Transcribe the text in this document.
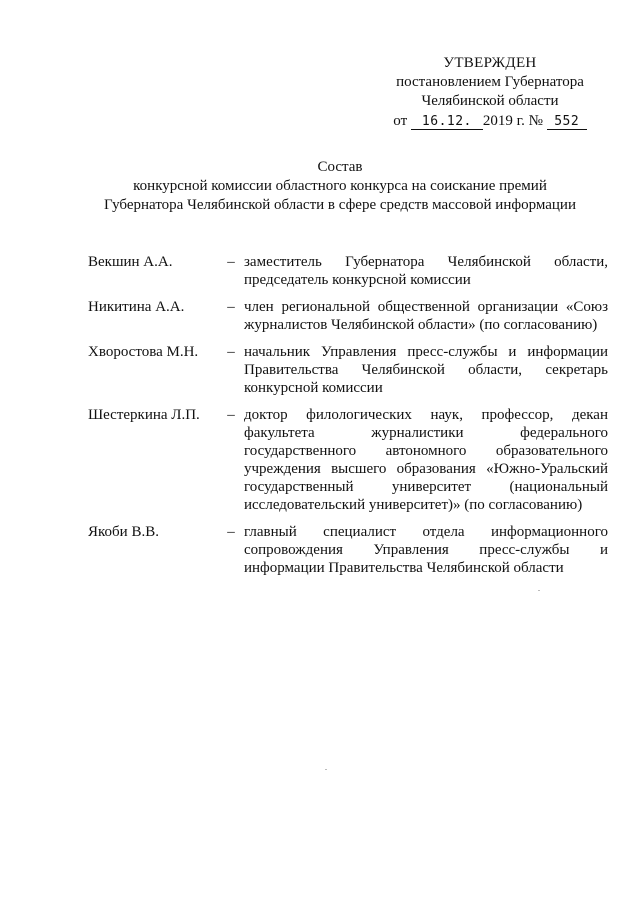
УТВЕРЖДЕН
постановлением Губернатора
Челябинской области
от 16.12. 2019 г. № 552
Состав
конкурсной комиссии областного конкурса на соискание премий
Губернатора Челябинской области в сфере средств массовой информации
Векшин А.А.	– заместитель Губернатора Челябинской области, председатель конкурсной комиссии
Никитина А.А.	– член региональной общественной организации «Союз журналистов Челябинской области» (по согласованию)
Хворостова М.Н.	– начальник Управления пресс-службы и информации Правительства Челябинской области, секретарь конкурсной комиссии
Шестеркина Л.П.	– доктор филологических наук, профессор, декан факультета журналистики федерального государственного автономного образовательного учреждения высшего образования «Южно-Уральский государственный университет (национальный исследовательский университет)» (по согласованию)
Якоби В.В.	– главный специалист отдела информационного сопровождения Управления пресс-службы и информации Правительства Челябинской области
